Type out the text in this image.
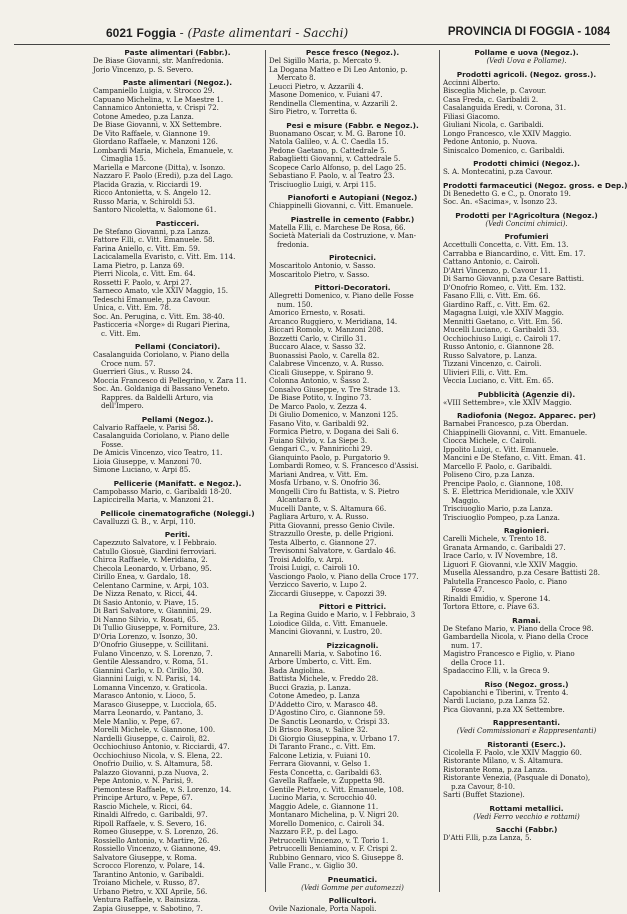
6021 Foggia - (Paste alimentari - Sacchi)	PROVINCIA DI FOGGIA - 1084
Paste alimentari (Fabbr.).
De Biase Giovanni, str. Manfredonia.
Jorio Vincenzo, p. S. Severo.
Paste alimentari (Negoz.).
Campaniello Luigia, v. Strocco 29.
Capuano Michelina, v. Le Maestre 1.
Cannamico Antonietta, v. Crispi 72.
Cotone Amedeo, p.za Lanza.
De Biase Giovanni, v. XX Settembre.
De Vito Raffaele, v. Giannone 19.
Giordano Raffaele, v. Manzoni 126.
Lombardi Maria, Michela, Emanuele, v.
Cimaglia 15.
Mariella e Marcone (Ditta), v. Isonzo.
Nazzaro F. Paolo (Eredi), p.za del Lago.
Placida Grazia, v. Ricciardi 19.
Ricco Antonietta, v. S. Angelo 12.
Russo Maria, v. Schiroldi 53.
Santoro Nicoletta, v. Salomone 61.
Pasticceri.
De Stefano Giovanni, p.za Lanza.
Fattore F.lli, c. Vitt. Emanuele. 58.
Farina Aniello, c. Vitt. Em. 59.
Lacicalamella Evaristo, c. Vitt. Em. 114.
Lama Pietro, p. Lanza 69.
Pierri Nicola, c. Vitt. Em. 64.
Rossetti F. Paolo, v. Arpi 27.
Sarneco Amato, v.le XXIV Maggio, 15.
Tedeschi Emanuele, p.za Cavour.
Unica, c. Vitt. Em. 78.
Soc. An. Perugina, c. Vitt. Em. 38-40.
Pasticceria «Norge» di Rugari Pierina,
c. Vitt. Em.
Pellami (Conciatori).
Casalanguida Coriolano, v. Piano della
Croce num. 57.
Guerrieri Gius., v. Russo 24.
Moccia Francesco di Pellegrino, v. Zara 11.
Soc. An. Goldaniga di Bassano Veneto.
Rappres. da Baldelli Arturo, via
dell'Impero.
Pellami (Negoz.).
Calvario Raffaele, v. Parisi 58.
Casalanguida Coriolano, v. Piano delle
Fosse.
De Amicis Vincenzo, vico Teatro, 11.
Lioia Giuseppe, v. Manzoni 70.
Simone Luciano, v. Arpi 85.
Pellicerie (Manifatt. e Negoz.).
Campobasso Mario, c. Garibaldi 18-20.
Lapiccirella Maria, v. Manzoni 21.
Pellicole cinematografiche (Noleggi.)
Cavalluzzi G. B., v. Arpi, 110.
Periti.
Capezzuto Salvatore, v. I Febbraio.
Catullo Giosuè, Giardini ferroviari.
Chirca Raffaele, v. Meridiana, 2.
Checola Leonardo, v. Urbano, 95.
Cirillo Enea, v. Gardalo, 18.
Celentano Carmine, v. Arpi, 103.
De Nizza Renato, v. Ricci, 44.
Di Sasio Antonio, v. Piave, 15.
Di Bari Salvatore, v. Giannini, 29.
Di Nanno Silvio, v. Rosati, 65.
Di Tullio Giuseppe, v. Forniture, 23.
D'Oria Lorenzo, v. Isonzo, 30.
D'Onofrio Giuseppe, v. Scillitani.
Fulano Vincenzo, v. S. Lorenzo, 7.
Gentile Alessandro, v. Roma, 51.
Giannini Carlo, v. D. Cirillo, 30.
Giannini Luigi, v. N. Parisi, 14.
Lomanna Vincenzo, v. Graticola.
Marasco Antonio, v. Lioco, 5.
Marasco Giuseppe, v. Lucciola, 65.
Marra Leonardo, v. Pantano, 3.
Mele Manlio, v. Pepe, 67.
Morelli Michele, v. Giannone, 100.
Nardelli Giuseppe, c. Cairoli, 82.
Occhiochiuso Antonio, v. Ricciardi, 47.
Occhiochiuso Nicola, v. S. Elena, 22.
Onofrio Duilio, v. S. Altamura, 58.
Palazzo Giovanni, p.za Nuova, 2.
Pepe Antonio, v. N. Parisi, 9.
Piemontese Raffaele, v. S. Lorenzo, 14.
Principe Arturo, v. Pepe, 67.
Rascio Michele, v. Ricci, 64.
Rinaldi Alfredo, c. Garibaldi, 97.
Ripoll Raffaele, v. S. Severo, 16.
Romeo Giuseppe, v. S. Lorenzo, 26.
Rossiello Antonio, v. Martire, 26.
Rossiello Vincenzo, v. Giannone, 49.
Salvatore Giuseppe, v. Roma.
Scrocco Florenzo, v. Polare, 14.
Tarantino Antonio, v. Garibaldi.
Troiano Michele, v. Russo, 87.
Urbano Pietro, v. XXI Aprile, 56.
Ventura Raffaele, v. Bainsizza.
Zapia Giuseppe, v. Sabotino, 7.
Pesce fresco (Negoz.).
Del Sigillo Maria, p. Mercato 9.
La Dogana Matteo e Di Leo Antonio, p.
Mercato 8.
Leucci Pietro, v. Azzarili 4.
Masone Domenico, v. Fuiani 47.
Rendinella Clementina, v. Azzarili 2.
Siro Pietro, v. Torretta 6.
Pesi e misure (Fabbr. e Negoz.).
Buonamano Oscar, v. M. G. Barone 10.
Natola Galileo, v. A. C. Caedla 15.
Pedone Gaetano, p. Cattedrale 5.
Rabaglietti Giovanni, v. Cattedrale 5.
Scopece Carlo Alfonso, p. del Lago 25.
Sebastiano F. Paolo, v. al Teatro 23.
Trisciuoglio Luigi, v. Arpi 115.
Pianoforti e Autopiani (Negoz.)
Chiappinelli Giovanni, c. Vitt. Emanuele.
Piastrelle in cemento (Fabbr.)
Matella F.lli, c. Marchese De Rosa, 66.
Società Materiali da Costruzione, v. Man-
fredonia.
Pirotecnici.
Moscaritolo Antonio, v. Sasso.
Moscaritolo Pietro, v. Sasso.
Pittori-Decoratori.
Allegretti Domenico, v. Piano delle Fosse
num. 150.
Amorico Ernesto, v. Rosati.
Arcanco Ruggiero, v. Meridiana, 14.
Biccari Romolo, v. Manzoni 208.
Bozzetti Carlo, v. Cirillo 31.
Buccaro Alace, v. Sasso 32.
Buonassisi Paolo, v. Carella 82.
Calabrese Vincenzo, v. A. Russo.
Cicali Giuseppe, v. Spirano 9.
Colonna Antonio, v. Sasso 2.
Consalvo Giuseppe, v. Tre Strade 13.
De Biase Potito, v. Ingino 73.
De Marco Paolo, v. Zezza 4.
Di Giulio Domenico, v. Manzoni 125.
Fasano Vito, v. Garibaldi 92.
Formica Pietro, v. Dogana dei Sali 6.
Fuiano Silvio, v. La Siepe 3.
Gengari C., v. Panniricchi 29.
Gianquinto Paolo, p. Purgatorio 9.
Lombardi Romeo, v. S. Francesco d'Assisi.
Mariani Andrea, v. Vitt. Em.
Mosfa Urbano, v. S. Onofrio 36.
Mongelli Ciro fu Battista, v. S. Pietro
Alcantara 8.
Mucelli Dante, v. S. Altamura 66.
Pagliara Arturo, v. A. Russo.
Pitta Giovanni, presso Genio Civile.
Strazzullo Oreste, p. delle Prigioni.
Testa Alberto, c. Giannone 27.
Trevisonni Salvatore, v. Gardalo 46.
Troisi Adolfo, v. Arpi.
Troisi Luigi, c. Cairoli 10.
Vasciongo Paolo, v. Piano della Croce 177.
Verzicco Saverio, v. Lupo 2.
Ziccardi Giuseppe, v. Capozzi 39.
Pittori e Pittrici.
La Regina Guido e Mario, v. I Febbraio, 3
Loiodice Gilda, c. Vitt. Emanuele.
Mancini Giovanni, v. Lustro, 20.
Pizzicagnoli.
Annarelli Maria, v. Sabotino 16.
Arbore Umberto, c. Vitt. Em.
Bada Angiolina.
Battista Michele, v. Freddo 28.
Bucci Grazia, p. Lanza.
Cotone Amedeo, p. Lanza
D'Addetto Ciro, v. Marasco 48.
D'Agostino Ciro, c. Giannone 59.
De Sanctis Leonardo, v. Crispi 33.
Di Brisco Rosa, v. Salice 32.
Di Giorgio Giuseppina, v. Urbano 17.
Di Taranto Franc., c. Vitt. Em.
Falcone Letizia, v. Fuiani 10.
Ferrara Giovanni, v. Gelso 1.
Festa Concetta, c. Garibaldi 63.
Gavella Raffaele, v. Zuppetta 98.
Gentile Pietro, c. Vitt. Emanuele, 108.
Lucino Maria, v. Scrocchio 40.
Maggio Adele, c. Giannone 11.
Montanaro Michelina, p. V. Nigri 20.
Morello Domenico, c. Cairoli 34.
Nazzaro F.P., p. del Lago.
Petruccelli Vincenzo, v. T. Torio 1.
Petruccelli Beniamino, v. F. Crispi 2.
Rubbino Gennaro, vico S. Giuseppe 8.
Valle Franc., v. Giglio 30.
Pneumatici.
(Vedi Gomme per automezzi)
Pollicultori.
Ovile Nazionale, Porta Napoli.
Pollame e uova (Negoz.).
(Vedi Uova e Pollame).
Prodotti agricoli. (Negoz. gross.).
Accinni Alberto.
Bisceglia Michele, p. Cavour.
Casa Freda, c. Garibaldi 2.
Casalanguida Eredi, v. Corona, 31.
Filiasi Giacomo.
Giuliani Nicola, c. Garibaldi.
Longo Francesco, v.le XXIV Maggio.
Pedone Antonio, p. Nuova.
Siniscalco Domenico, c. Garibaldi.
Prodotti chimici (Negoz.).
S. A. Montecatini, p.za Cavour.
Prodotti farmaceutici (Negoz. gross. e Dep.)
Di Benedetto G. e C., p. Onorato 19.
Soc. An. «Sacima», v. Isonzo 23.
Prodotti per l'Agricoltura (Negoz.)
(Vedi Concimi chimici).
Profumieri
Accettulli Concetta, c. Vitt. Em. 13.
Carrabba e Biancardino, c. Vitt. Em. 17.
Cattano Antonio, c. Cairoli.
D'Atri Vincenzo, p. Cavour 11.
Di Sarno Giovanni, p.za Cesare Battisti.
D'Onofrio Romeo, c. Vitt. Em. 132.
Fasano F.lli, c. Vitt. Em. 66.
Giardino Raff., c. Vitt. Em. 62.
Magagna Luigi, v.le XXIV Maggio.
Mennitti Gaetano, c. Vitt. Em. 56.
Mucelli Luciano, c. Garibaldi 33.
Occhiochiuso Luigi, c. Cairoli 17.
Russo Antonio, c. Giannone 28.
Russo Salvatore, p. Lanza.
Tizzani Vincenzo, c. Cairoli.
Ulivieri F.lli, c. Vitt. Em.
Veccia Luciano, c. Vitt. Em. 65.
Pubblicità (Agenzie di).
«VIII Settembre», v.le XXIV Maggio.
Radiofonia (Negoz. Apparec. per)
Barnabei Francesco, p.za Oberdan.
Chiappinelli Giovanni, c. Vitt. Emanuele.
Ciocca Michele, c. Cairoli.
Ippolito Luigi, c. Vitt. Emanuele.
Mancini e De Stefano, c. Vitt. Eman. 41.
Marcello F. Paolo, c. Garibaldi.
Poliseno Ciro, p.za Lanza.
Prencipe Paolo, c. Giannone, 108.
S. E. Elettrica Meridionale, v.le XXIV
Maggio.
Trisciuoglio Mario, p.za Lanza.
Trisciuoglio Pompeo, p.za Lanza.
Ragionieri.
Carelli Michele, v. Trento 18.
Granata Armando, c. Garibaldi 27.
Irace Carlo, v. IV Novembre, 18.
Liguori F. Giovanni, v.le XXIV Maggio.
Musella Alessandro, p.za Cesare Battisti 28.
Palutella Francesco Paolo, c. Piano
Fosse 47.
Rinaldi Emidio, v. Sperone 14.
Tortora Ettore, c. Piave 63.
Ramai.
De Stefano Mario, v. Piano della Croce 98.
Gambardella Nicola, v. Piano della Croce
num. 17.
Magistro Francesco e Figlio, v. Piano
della Croce 11.
Spadaccino F.lli, v. la Greca 9.
Riso (Negoz. gross.)
Capobianchi e Tiberini, v. Trento 4.
Nardi Luciano, p.za Lanza 52.
Pica Giovanni, p.za XX Settembre.
Rappresentanti.
(Vedi Commissionari e Rappresentanti)
Ristoranti (Eserc.).
Cicolella F. Paolo, v.le XXIV Maggio 60.
Ristorante Milano, v. S. Altamura.
Ristorante Roma, p.za Lanza.
Ristorante Venezia, (Pasquale di Donato),
p.za Cavour, 8-10.
Sarti (Buffet Stazione).
Rottami metallici.
(Vedi Ferro vecchio e rottami)
Sacchi (Fabbr.)
D'Atti F.lli, p.za Lanza, 5.
